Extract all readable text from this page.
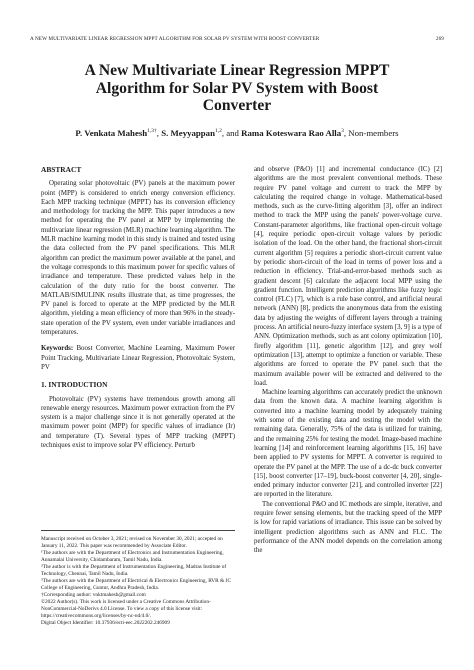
A NEW MULTIVARIATE LINEAR REGRESSION MPPT ALGORITHM FOR SOLAR PV SYSTEM WITH BOOST CONVERTER	269
A New Multivariate Linear Regression MPPT
Algorithm for Solar PV System with Boost
Converter
P. Venkata Mahesh$^{1,3\dagger}$, S. Meyyappan$^{1,2}$, and Rama Koteswara Rao Alla$^3$, Non-members
ABSTRACT

Operating solar photovoltaic (PV) panels at the maximum power point (MPP) is considered to enrich energy conversion efficiency. Each MPP tracking technique (MPPT) has its conversion efficiency and methodology for tracking the MPP. This paper introduces a new method for operating the PV panel at MPP by implementing the multivariate linear regression (MLR) machine learning algorithm. The MLR machine learning model in this study is trained and tested using the data collected from the PV panel specifications. This MLR algorithm can predict the maximum power available at the panel, and the voltage corresponds to this maximum power for specific values of irradiance and temperature. These predicted values help in the calculation of the duty ratio for the boost converter. The MATLAB/SIMULINK results illustrate that, as time progresses, the PV panel is forced to operate at the MPP predicted by the MLR algorithm, yielding a mean efficiency of more than 96% in the steady-state operation of the PV system, even under variable irradiances and temperatures.

Keywords: Boost Converter, Machine Learning, Maximum Power Point Tracking, Multivariate Linear Regression, Photovoltaic System, PV

1. INTRODUCTION

Photovoltaic (PV) systems have tremendous growth among all renewable energy resources. Maximum power extraction from the PV system is a major challenge since it is not generally operated at the maximum power point (MPP) for specific values of irradiance (Ir) and temperature (T). Several types of MPP tracking (MPPT) techniques exist to improve solar PV efficiency. Perturb

Manuscript received on October 3, 2021; revised on November 30, 2021; accepted on January 11, 2022. This paper was recommended by Associate Editor.

¹The authors are with the Department of Electronics and Instrumentation Engineering, Annamalai University, Chidambaram, Tamil Nadu, India.

²The author is with the Department of Instrumentation Engineering, Madras Institute of Technology, Chennai, Tamil Nadu, India.

³The authors are with the Department of Electrical & Electronics Engineering, RVR & JC College of Engineering, Guntur, Andhra Pradesh, India.

†Corresponding author: vnktmahesh@gmail.com

©2022 Author(s). This work is licensed under a Creative Commons Attribution-NonCommercial-NoDerivs 4.0 License. To view a copy of this license visit: https://creativecommons.org/licenses/by-nc-nd/4.0/.

Digital Object Identifier: 10.37936/ecti-eec.2022202.246909

and observe (P&O) [1] and incremental conductance (IC) [2] algorithms are the most prevalent conventional methods. These require PV panel voltage and current to track the MPP by calculating the required change in voltage. Mathematical-based methods, such as the curve-fitting algorithm [3], offer an indirect method to track the MPP using the panels' power-voltage curve. Constant-parameter algorithms, like fractional open-circuit voltage [4], require periodic open-circuit voltage values by periodic isolation of the load. On the other hand, the fractional short-circuit current algorithm [5] requires a periodic short-circuit current value by periodic short-circuit of the load in terms of power loss and a reduction in efficiency. Trial-and-error-based methods such as gradient descent [6] calculate the adjacent local MPP using the gradient function. Intelligent prediction algorithms like fuzzy logic control (FLC) [7], which is a rule base control, and artificial neural network (ANN) [8], predicts the anonymous data from the existing data by adjusting the weights of different layers through a training process. An artificial neuro-fuzzy interface system [3, 9] is a type of ANN. Optimization methods, such as ant colony optimization [10], firefly algorithm [11], genetic algorithm [12], and grey wolf optimization [13], attempt to optimize a function or variable. These algorithms are forced to operate the PV panel such that the maximum available power will be extracted and delivered to the load.

Machine learning algorithms can accurately predict the unknown data from the known data. A machine learning algorithm is converted into a machine learning model by adequately training with some of the existing data and testing the model with the remaining data. Generally, 75% of the data is utilized for training, and the remaining 25% for testing the model. Image-based machine learning [14] and reinforcement learning algorithms [15, 16] have been applied to PV systems for MPPT. A converter is required to operate the PV panel at the MPP. The use of a dc-dc buck converter [15], boost converter [17–19], buck-boost converter [4, 20], single-ended primary inductor converter [21], and controlled inverter [22] are reported in the literature.

The conventional P&O and IC methods are simple, iterative, and require fewer sensing elements, but the tracking speed of the MPP is low for rapid variations of irradiance. This issue can be solved by intelligent prediction algorithms such as ANN and FLC. The performance of the ANN model depends on the correlation among the
